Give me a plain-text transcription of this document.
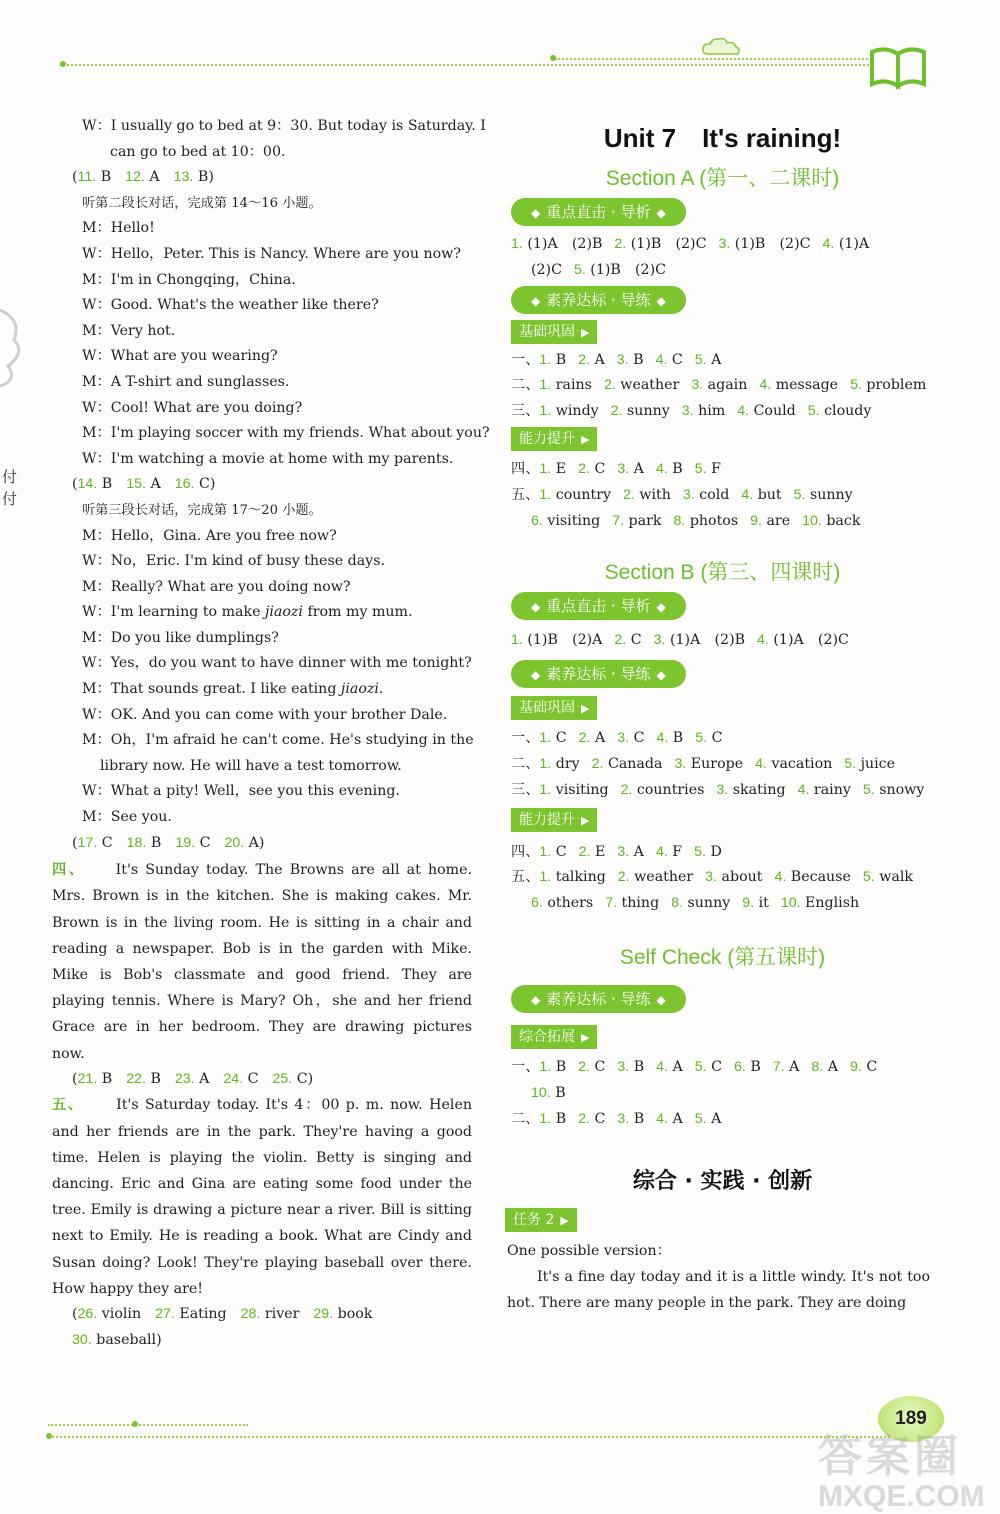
付
付
W：I usually go to bed at 9：30. But today is Saturday. I
can go to bed at 10：00.
(11. B 12. A 13. B)
听第二段长对话，完成第 14～16 小题。
M：Hello!
W：Hello，Peter. This is Nancy. Where are you now?
M：I'm in Chongqing，China.
W：Good. What's the weather like there?
M：Very hot.
W：What are you wearing?
M：A T-shirt and sunglasses.
W：Cool! What are you doing?
M：I'm playing soccer with my friends. What about you?
W：I'm watching a movie at home with my parents.
(14. B 15. A 16. C)
听第三段长对话，完成第 17～20 小题。
M：Hello，Gina. Are you free now?
W：No，Eric. I'm kind of busy these days.
M：Really? What are you doing now?
W：I'm learning to make jiaozi from my mum.
M：Do you like dumplings?
W：Yes，do you want to have dinner with me tonight?
M：That sounds great. I like eating jiaozi.
W：OK. And you can come with your brother Dale.
M：Oh，I'm afraid he can't come. He's studying in the
library now. He will have a test tomorrow.
W：What a pity! Well，see you this evening.
M：See you.
(17. C 18. B 19. C 20. A)
四、 It's Sunday today. The Browns are all at home. Mrs. Brown is in the kitchen. She is making cakes. Mr. Brown is in the living room. He is sitting in a chair and reading a newspaper. Bob is in the garden with Mike. Mike is Bob's classmate and good friend. They are playing tennis. Where is Mary? Oh，she and her friend Grace are in her bedroom. They are drawing pictures now.
(21. B 22. B 23. A 24. C 25. C)
五、 It's Saturday today. It's 4：00 p. m. now. Helen and her friends are in the park. They're having a good time. Helen is playing the violin. Betty is singing and dancing. Eric and Gina are eating some food under the tree. Emily is drawing a picture near a river. Bill is sitting next to Emily. He is reading a book. What are Cindy and Susan doing? Look! They're playing baseball over there. How happy they are!
(26. violin 27. Eating 28. river 29. book
30. baseball)
Unit 7　It's raining!
Section A (第一、二课时)
◆ 重点直击 · 导析 ◆
1. (1)A　(2)B 2. (1)B　(2)C 3. (1)B　(2)C 4. (1)A
(2)C 5. (1)B　(2)C
◆ 素养达标 · 导练 ◆
基础巩固 ▶
一、1. B 2. A 3. B 4. C 5. A
二、1. rains 2. weather 3. again 4. message 5. problem
三、1. windy 2. sunny 3. him 4. Could 5. cloudy
能力提升 ▶
四、1. E 2. C 3. A 4. B 5. F
五、1. country 2. with 3. cold 4. but 5. sunny
6. visiting 7. park 8. photos 9. are 10. back
Section B (第三、四课时)
◆ 重点直击 · 导析 ◆
1. (1)B　(2)A 2. C 3. (1)A　(2)B 4. (1)A　(2)C
◆ 素养达标 · 导练 ◆
基础巩固 ▶
一、1. C 2. A 3. C 4. B 5. C
二、1. dry 2. Canada 3. Europe 4. vacation 5. juice
三、1. visiting 2. countries 3. skating 4. rainy 5. snowy
能力提升 ▶
四、1. C 2. E 3. A 4. F 5. D
五、1. talking 2. weather 3. about 4. Because 5. walk
6. others 7. thing 8. sunny 9. it 10. English
Self Check (第五课时)
◆ 素养达标 · 导练 ◆
综合拓展 ▶
一、1. B 2. C 3. B 4. A 5. C 6. B 7. A 8. A 9. C
10. B
二、1. B 2. C 3. B 4. A 5. A
综合 · 实践 · 创新
任务 2 ▶
One possible version：
It's a fine day today and it is a little windy. It's not too hot. There are many people in the park. They are doing
189
答案圈
MXQE.COM
